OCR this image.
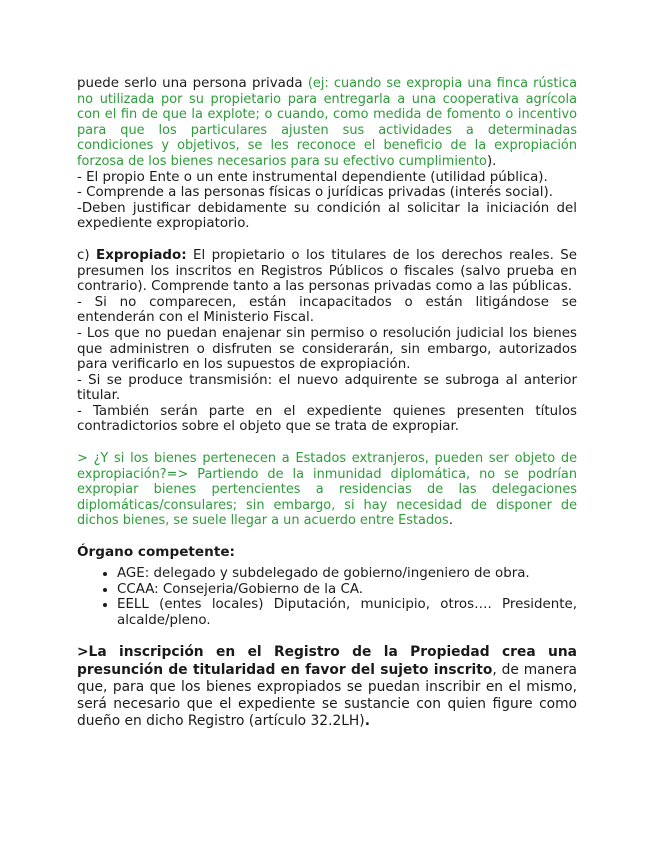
puede serlo una persona privada (ej: cuando se expropia una finca rústica no utilizada por su propietario para entregarla a una cooperativa agrícola con el fin de que la explote; o cuando, como medida de fomento o incentivo para que los particulares ajusten sus actividades a determinadas condiciones y objetivos, se les reconoce el beneficio de la expropiación forzosa de los bienes necesarios para su efectivo cumplimiento).

- El propio Ente o un ente instrumental dependiente (utilidad pública).

- Comprende a las personas físicas o jurídicas privadas (interés social).

-Deben justificar debidamente su condición al solicitar la iniciación del expediente expropiatorio.

c) Expropiado: El propietario o los titulares de los derechos reales. Se presumen los inscritos en Registros Públicos o fiscales (salvo prueba en contrario). Comprende tanto a las personas privadas como a las públicas.

- Si no comparecen, están incapacitados o están litigándose se entenderán con el Ministerio Fiscal.

- Los que no puedan enajenar sin permiso o resolución judicial los bienes que administren o disfruten se considerarán, sin embargo, autorizados para verificarlo en los supuestos de expropiación.

- Si se produce transmisión: el nuevo adquirente se subroga al anterior titular.

- También serán parte en el expediente quienes presenten títulos contradictorios sobre el objeto que se trata de expropiar.

> ¿Y si los bienes pertenecen a Estados extranjeros, pueden ser objeto de expropiación?=> Partiendo de la inmunidad diplomática, no se podrían expropiar bienes pertencientes a residencias de las delegaciones diplomáticas/consulares; sin embargo, si hay necesidad de disponer de dichos bienes, se suele llegar a un acuerdo entre Estados.

Órgano competente:
• AGE: delegado y subdelegado de gobierno/ingeniero de obra.
• CCAA: Consejeria/Gobierno de la CA.
• EELL (entes locales) Diputación, municipio, otros…. Presidente, alcalde/pleno.

>La inscripción en el Registro de la Propiedad crea una presunción de titularidad en favor del sujeto inscrito, de manera que, para que los bienes expropiados se puedan inscribir en el mismo, será necesario que el expediente se sustancie con quien figure como dueño en dicho Registro (artículo 32.2LH).
